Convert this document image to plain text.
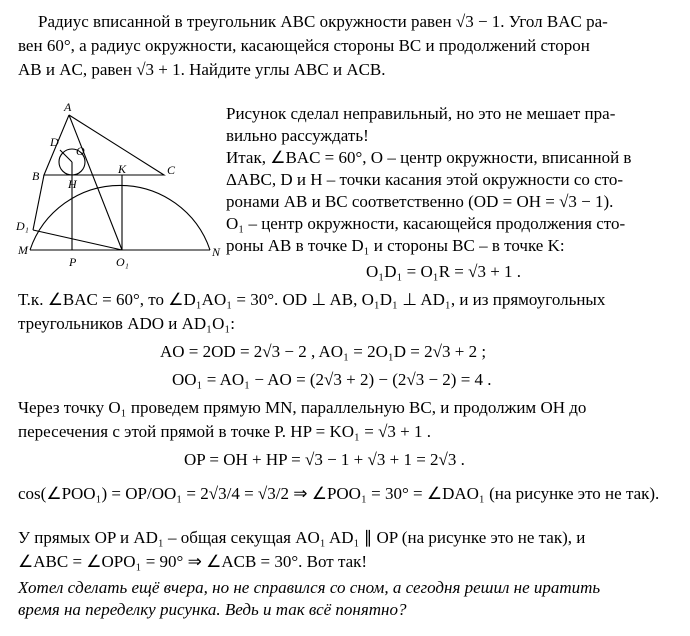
Радиус вписанной в треугольник ABC окружности равен √3 − 1. Угол BAC ра-
вен 60°, а радиус окружности, касающейся стороны BC и продолжений сторон
AB и AC, равен √3 + 1. Найдите углы ABC и ACB.
Рисунок сделал неправильный, но это не мешает пра-
вильно рассуждать!
Итак, ∠BAC = 60°, O – центр окружности, вписанной в
ΔABC, D и H – точки касания этой окружности со сто-
ронами AB и BC соответственно (OD = OH = √3 − 1).
O₁ – центр окружности, касающейся продолжения сто-
роны AB в точке D₁ и стороны BC – в точке K:
O₁D₁ = O₁R = √3 + 1 .
Т.к. ∠BAC = 60°, то ∠D₁AO₁ = 30°. OD ⊥ AB, O₁D₁ ⊥ AD₁, и из прямоугольных
треугольников ADO и AD₁O₁:
AO = 2OD = 2√3 − 2 , AO₁ = 2O₁D = 2√3 + 2 ;
OO₁ = AO₁ − AO = (2√3 + 2) − (2√3 − 2) = 4 .
Через точку O₁ проведем прямую MN, параллельную BC, и продолжим OH до
пересечения с этой прямой в точке P. HP = KO₁ = √3 + 1 .
OP = OH + HP = √3 − 1 + √3 + 1 = 2√3 .
cos(∠POO₁) = OP/OO₁ = 2√3/4 = √3/2 ⇒ ∠POO₁ = 30° = ∠DAO₁ (на рисунке это не так).
У прямых OP и AD₁ – общая секущая AO₁ AD₁ ∥ OP (на рисунке это не так), и
∠ABC = ∠OPO₁ = 90° ⇒ ∠ACB = 30°. Вот так!
Хотел сделать ещё вчера, но не справился со сном, а сегодня решил не иратить
время на переделку рисунка. Ведь и так всё понятно?
A
D
O
B
H
K	C
D₁
M
P	O₁
N
